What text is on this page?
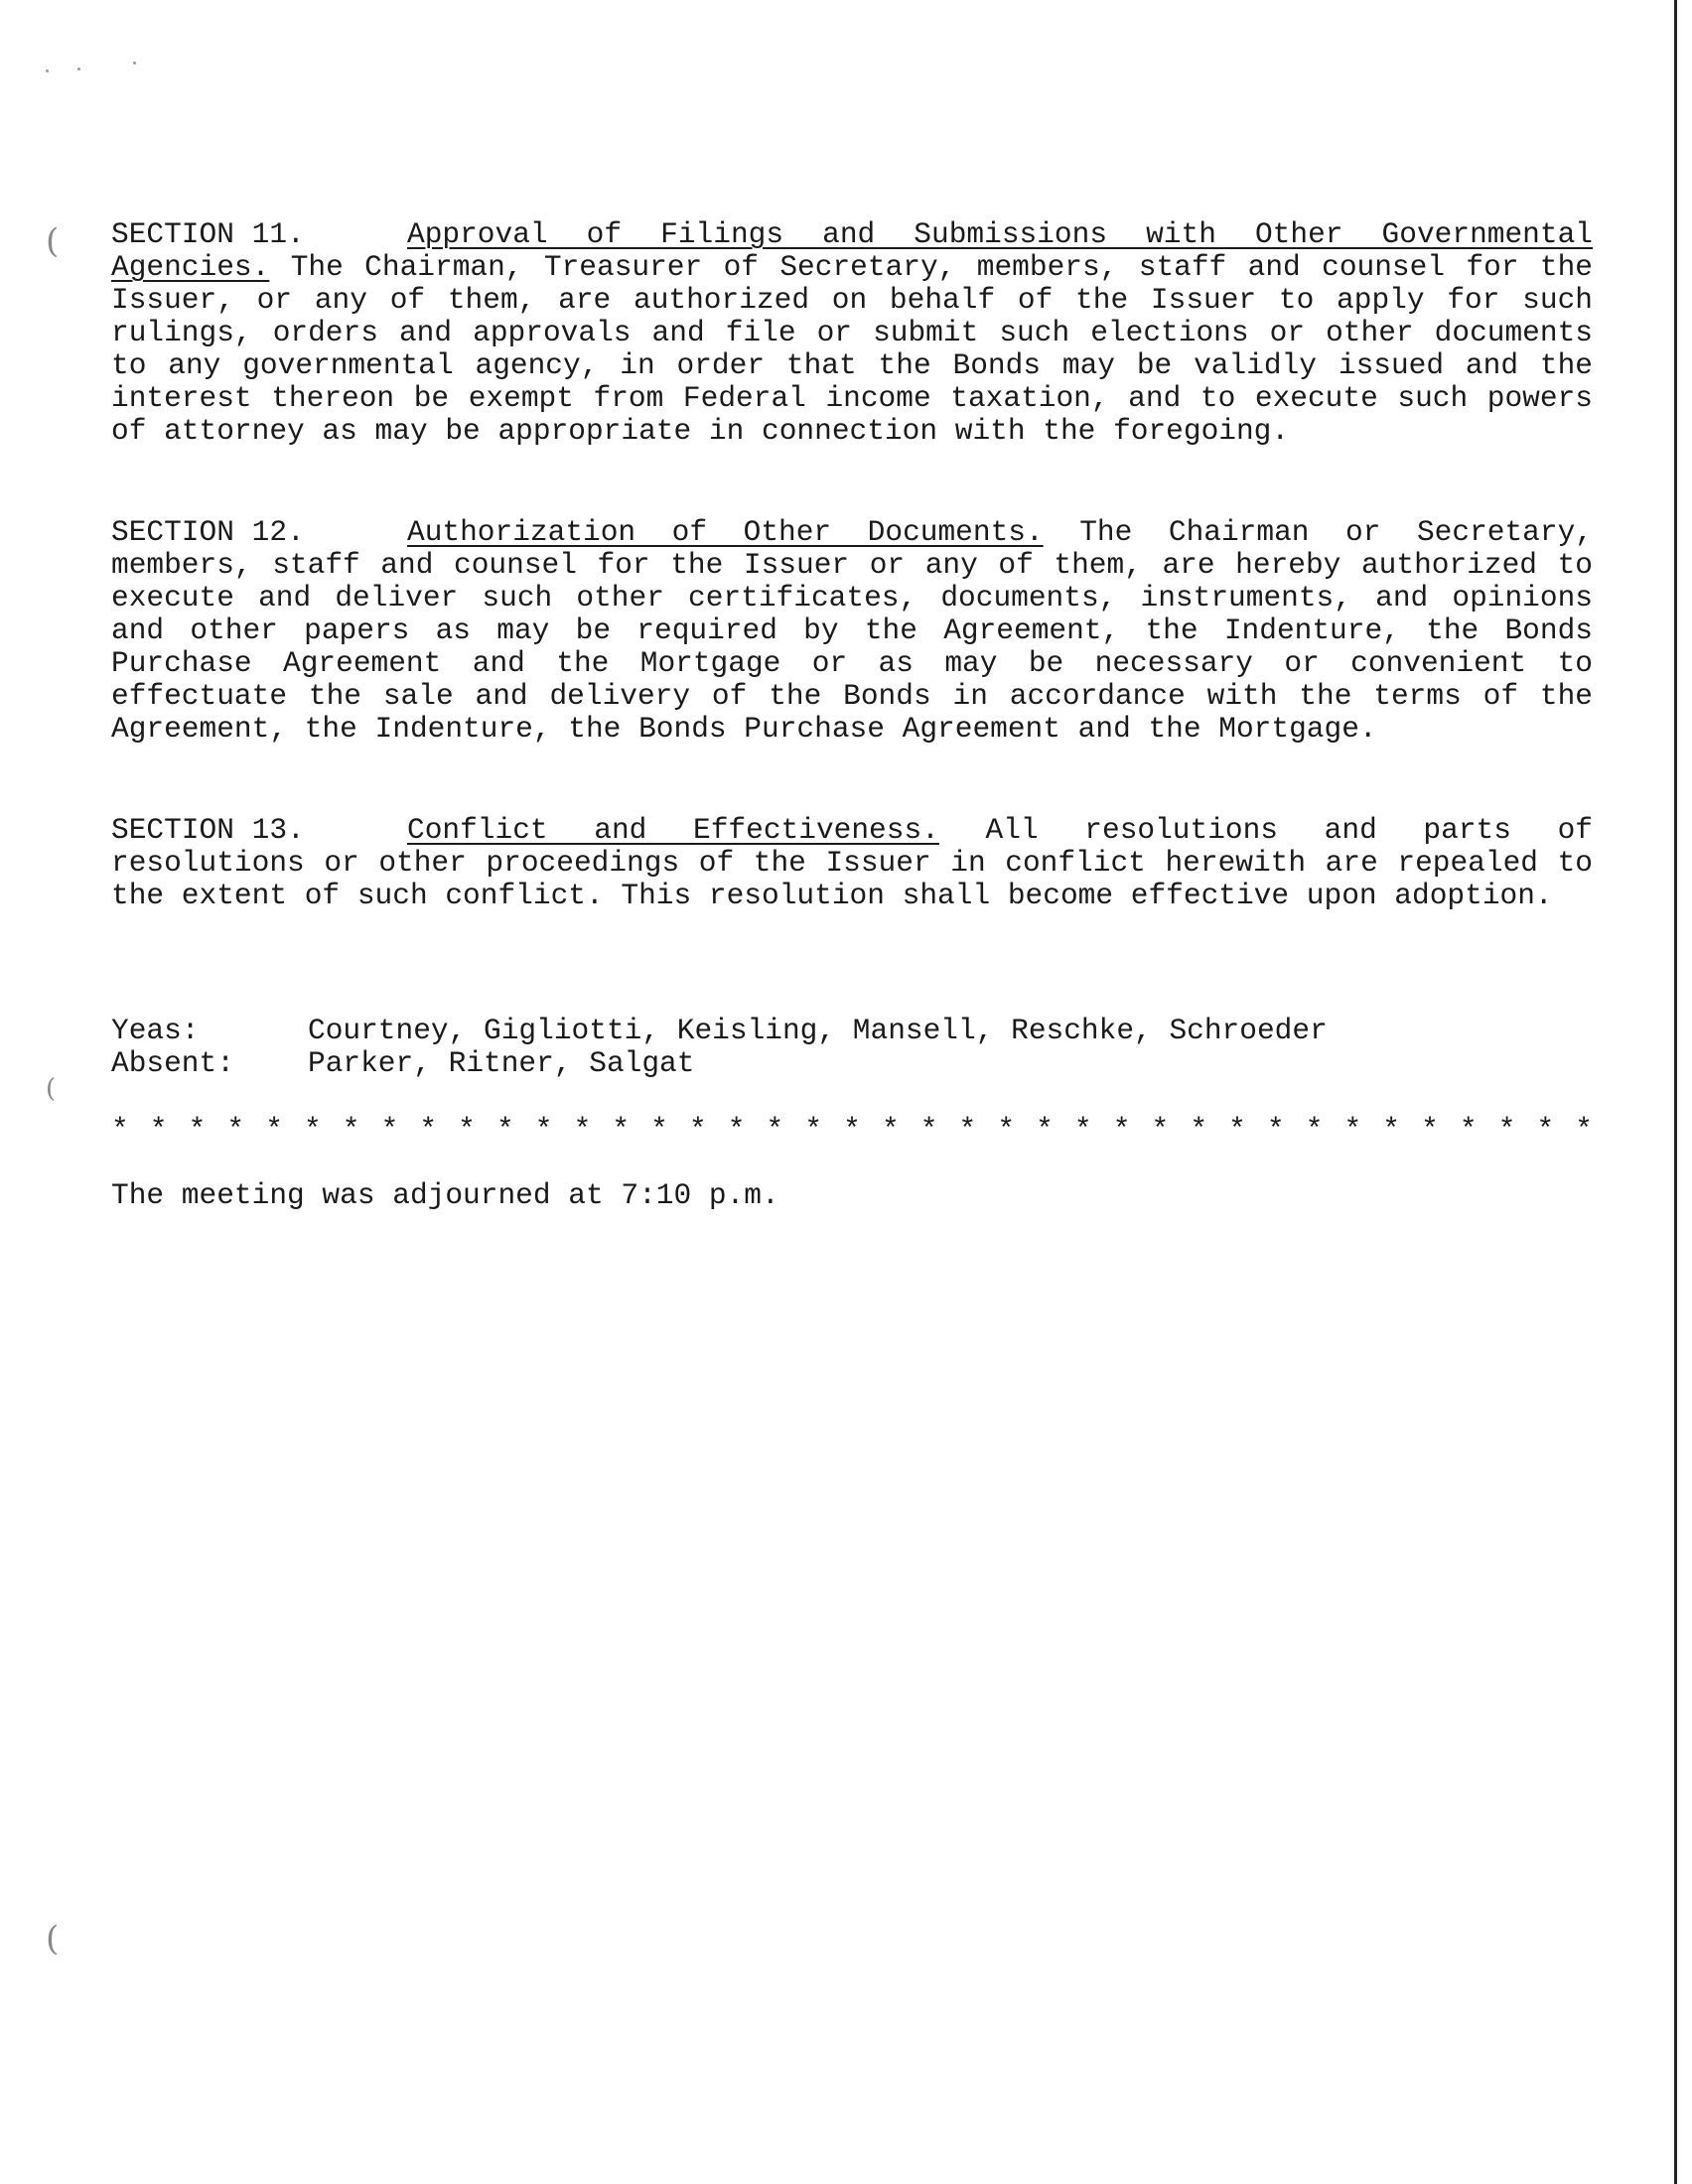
(
(
(
SECTION 11.	Approval of Filings and Submissions with Other Governmental Agencies. The Chairman, Treasurer of Secretary, members, staff and counsel for the Issuer, or any of them, are authorized on behalf of the Issuer to apply for such rulings, orders and approvals and file or submit such elections or other documents to any governmental agency, in order that the Bonds may be validly issued and the interest thereon be exempt from Federal income taxation, and to execute such powers of attorney as may be appropriate in connection with the foregoing.
SECTION 12.	Authorization of Other Documents. The Chairman or Secretary, members, staff and counsel for the Issuer or any of them, are hereby authorized to execute and deliver such other certificates, documents, instruments, and opinions and other papers as may be required by the Agreement, the Indenture, the Bonds Purchase Agreement and the Mortgage or as may be necessary or convenient to effectuate the sale and delivery of the Bonds in accordance with the terms of the Agreement, the Indenture, the Bonds Purchase Agreement and the Mortgage.
SECTION 13.	Conflict and Effectiveness. All resolutions and parts of resolutions or other proceedings of the Issuer in conflict herewith are repealed to the extent of such conflict. This resolution shall become effective upon adoption.
Yeas:	Courtney, Gigliotti, Keisling, Mansell, Reschke, Schroeder
Absent:	Parker, Ritner, Salgat
* * * * * * * * * * * * * * * * * * * * * * * * * * * * * * * * * * * * * * *
The meeting was adjourned at 7:10 p.m.
